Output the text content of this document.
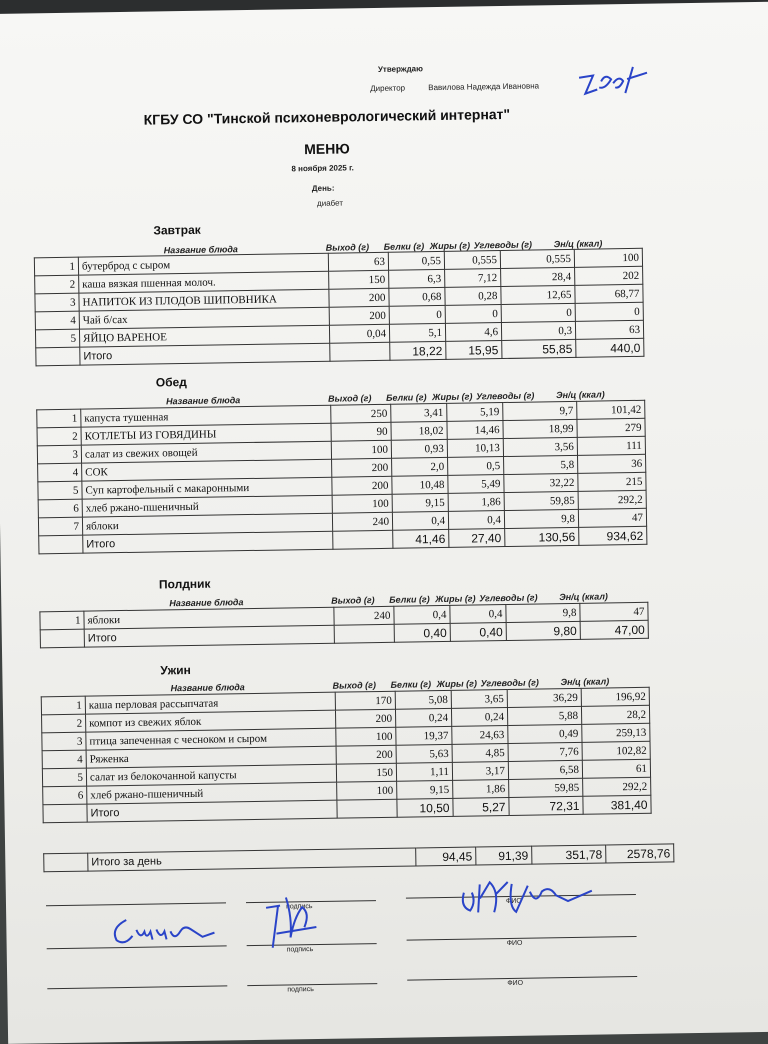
Утверждаю
Директор	Вавилова Надежда Ивановна
КГБУ СО "Тинской психоневрологический интернат"
МЕНЮ
8 ноября 2025 г.
День:
диабет
1	бутерброд с сыром	63	0,55	0,555	0,555	100
2	каша вязкая пшенная молоч.	150	6,3	7,12	28,4	202
3	НАПИТОК ИЗ ПЛОДОВ ШИПОВНИКА	200	0,68	0,28	12,65	68,77
4	Чай б/сах	200	0	0	0	0
5	ЯЙЦО ВАРЕНОЕ	0,04	5,1	4,6	0,3	63
	Итого		18,22	15,95	55,85	440,0
1	капуста тушенная	250	3,41	5,19	9,7	101,42
2	КОТЛЕТЫ ИЗ ГОВЯДИНЫ	90	18,02	14,46	18,99	279
3	салат из свежих овощей	100	0,93	10,13	3,56	111
4	СОК	200	2,0	0,5	5,8	36
5	Суп картофельный с макаронными	200	10,48	5,49	32,22	215
6	хлеб ржано-пшеничный	100	9,15	1,86	59,85	292,2
7	яблоки	240	0,4	0,4	9,8	47
	Итого		41,46	27,40	130,56	934,62
1	яблоки	240	0,4	0,4	9,8	47
	Итого		0,40	0,40	9,80	47,00
1	каша перловая рассыпчатая	170	5,08	3,65	36,29	196,92
2	компот из свежих яблок	200	0,24	0,24	5,88	28,2
3	птица запеченная с чесноком и сыром	100	19,37	24,63	0,49	259,13
4	Ряженка	200	5,63	4,85	7,76	102,82
5	салат из белокочанной капусты	150	1,11	3,17	6,58	61
6	хлеб ржано-пшеничный	100	9,15	1,86	59,85	292,2
	Итого		10,50	5,27	72,31	381,40
	Итого за день	94,45	91,39	351,78	2578,76
подпись
ФИО
подпись
ФИО
подпись
ФИО
Завтрак
Название блюда	Выход (г) Белки (г) Жиры (г) Углеводы (г) Эн/ц (ккал)
Обед
Название блюда	Выход (г) Белки (г) Жиры (г) Углеводы (г) Эн/ц (ккал)
Полдник
Название блюда	Выход (г) Белки (г) Жиры (г) Углеводы (г) Эн/ц (ккал)
Ужин
Название блюда	Выход (г) Белки (г) Жиры (г) Углеводы (г) Эн/ц (ккал)
